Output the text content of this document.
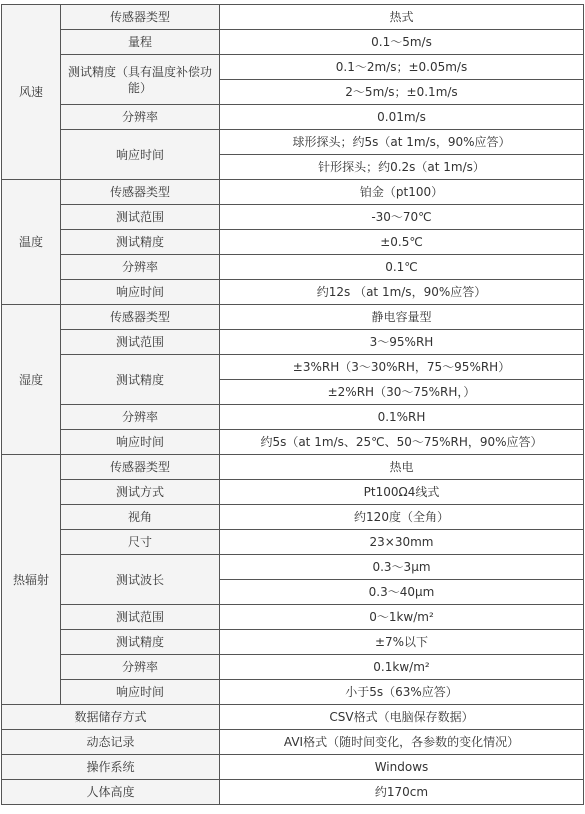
风速	传感器类型	热式
	量程	0.1～5m/s
	测试精度（具有温度补偿功能）	0.1～2m/s；±0.05m/s
		2～5m/s；±0.1m/s
	分辨率	0.01m/s
	响应时间	球形探头；约5s（at 1m/s，90%应答）
		针形探头；约0.2s（at 1m/s）
温度	传感器类型	铂金（pt100）
	测试范围	-30～70℃
	测试精度	±0.5℃
	分辨率	0.1℃
	响应时间	约12s （at 1m/s，90%应答）
湿度	传感器类型	静电容量型
	测试范围	3～95%RH
	测试精度	±3%RH（3～30%RH，75～95%RH）
		±2%RH（30～75%RH，）
	分辨率	0.1%RH
	响应时间	约5s（at 1m/s、25℃、50～75%RH，90%应答）
热辐射	传感器类型	热电
	测试方式	Pt100Ω4线式
	视角	约120度（全角）
	尺寸	23×30mm
	测试波长	0.3～3μm
		0.3～40μm
	测试范围	0～1kw/m²
	测试精度	±7%以下
	分辨率	0.1kw/m²
	响应时间	小于5s（63%应答）
数据储存方式		CSV格式（电脑保存数据）
动态记录		AVI格式（随时间变化，各参数的变化情况）
操作系统		Windows
人体高度		约170cm
